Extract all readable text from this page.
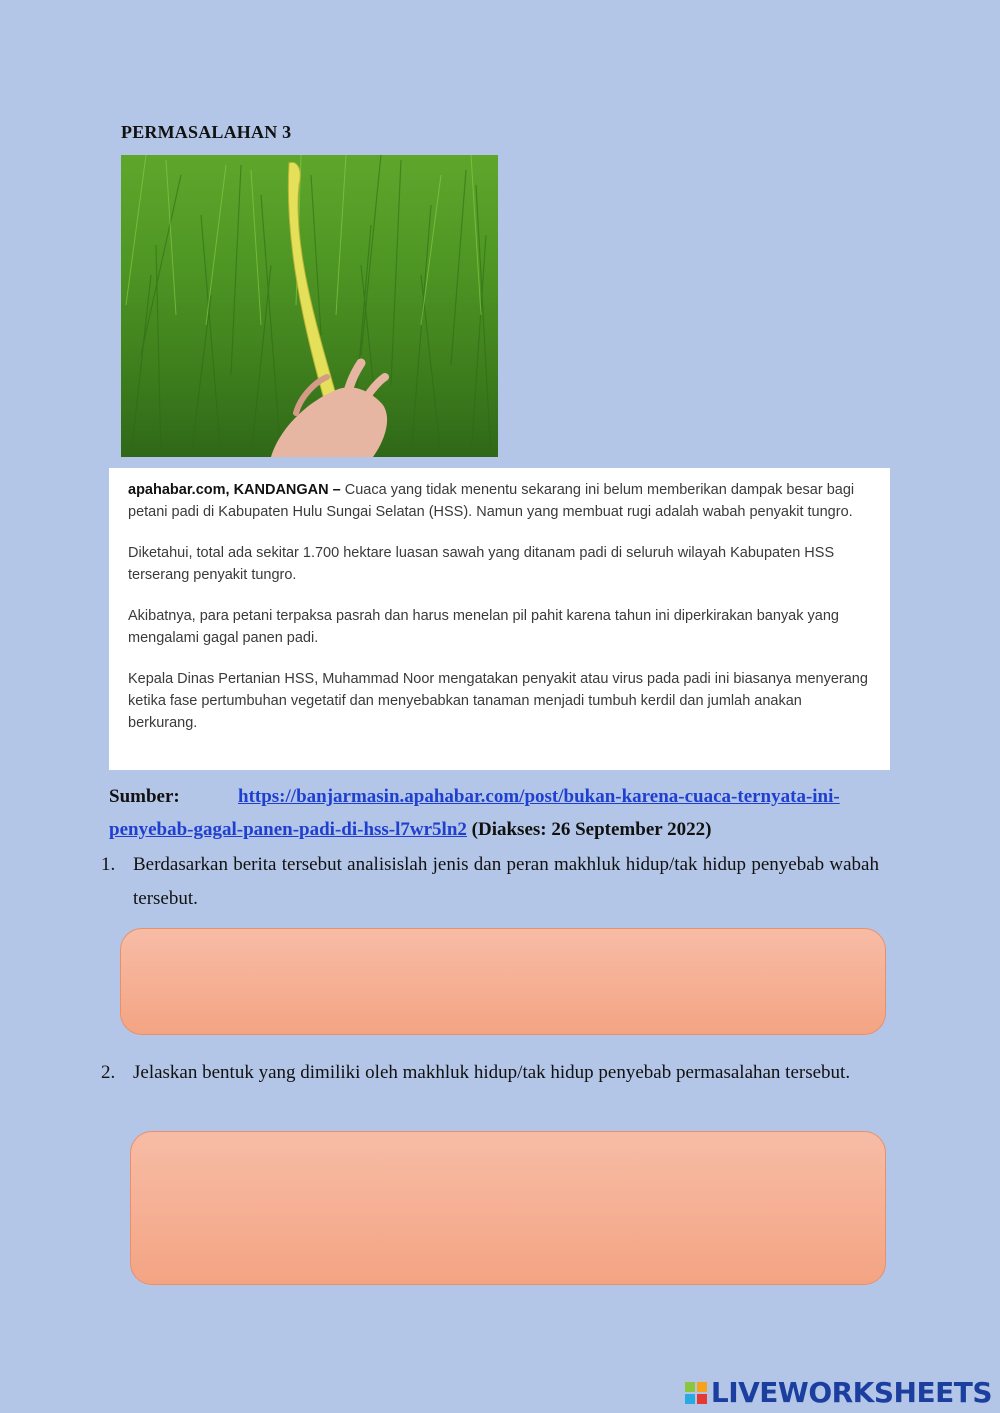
PERMASALAHAN 3

apahabar.com, KANDANGAN – Cuaca yang tidak menentu sekarang ini belum memberikan dampak besar bagi petani padi di Kabupaten Hulu Sungai Selatan (HSS). Namun yang membuat rugi adalah wabah penyakit tungro.

Diketahui, total ada sekitar 1.700 hektare luasan sawah yang ditanam padi di seluruh wilayah Kabupaten HSS terserang penyakit tungro.

Akibatnya, para petani terpaksa pasrah dan harus menelan pil pahit karena tahun ini diperkirakan banyak yang mengalami gagal panen padi.

Kepala Dinas Pertanian HSS, Muhammad Noor mengatakan penyakit atau virus pada padi ini biasanya menyerang ketika fase pertumbuhan vegetatif dan menyebabkan tanaman menjadi tumbuh kerdil dan jumlah anakan berkurang.

Sumber:	https://banjarmasin.apahabar.com/post/bukan-karena-cuaca-ternyata-ini-
penyebab-gagal-panen-padi-di-hss-l7wr5ln2 (Diakses: 26 September 2022)
1. Berdasarkan berita tersebut analisislah jenis dan peran makhluk hidup/tak hidup penyebab wabah tersebut.
2. Jelaskan bentuk yang dimiliki oleh makhluk hidup/tak hidup penyebab permasalahan tersebut.
LIVEWORKSHEETS
